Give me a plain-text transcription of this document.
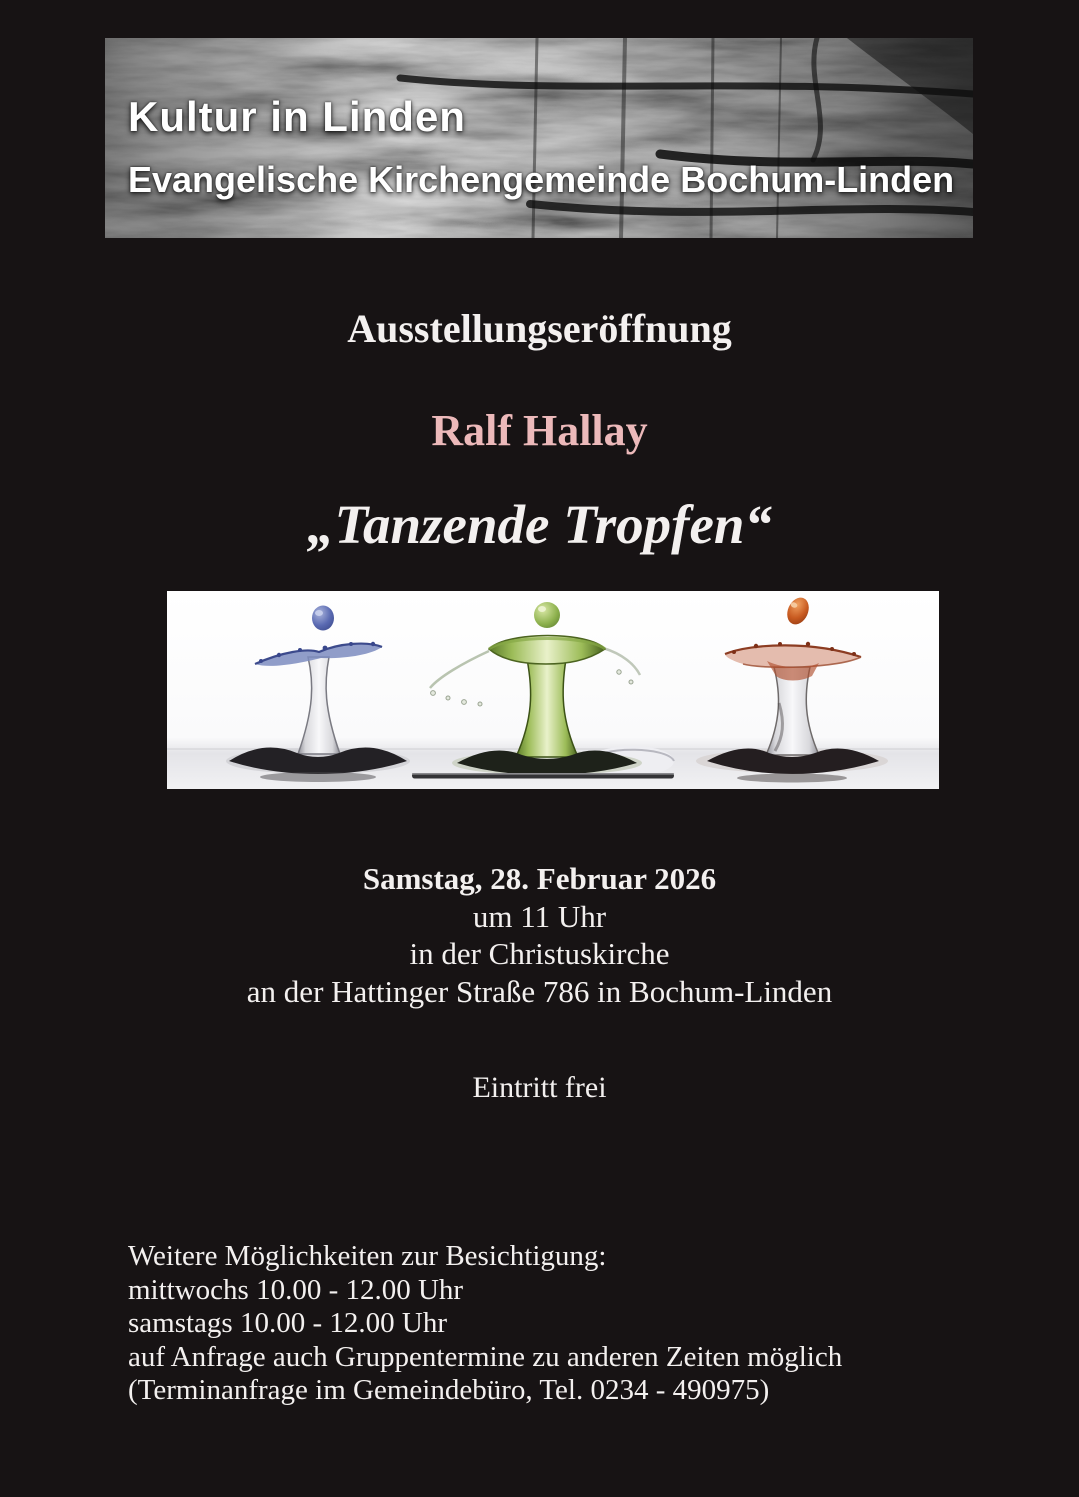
Kultur in Linden
Evangelische Kirchengemeinde Bochum-Linden
Ausstellungseröffnung
Ralf Hallay
„Tanzende Tropfen“
Samstag, 28. Februar 2026
um 11 Uhr
in der Christuskirche
an der Hattinger Straße 786 in Bochum-Linden
Eintritt frei
Weitere Möglichkeiten zur Besichtigung:
mittwochs 10.00 - 12.00 Uhr
samstags 10.00 - 12.00 Uhr
auf Anfrage auch Gruppentermine zu anderen Zeiten möglich
(Terminanfrage im Gemeindebüro, Tel. 0234 - 490975)
